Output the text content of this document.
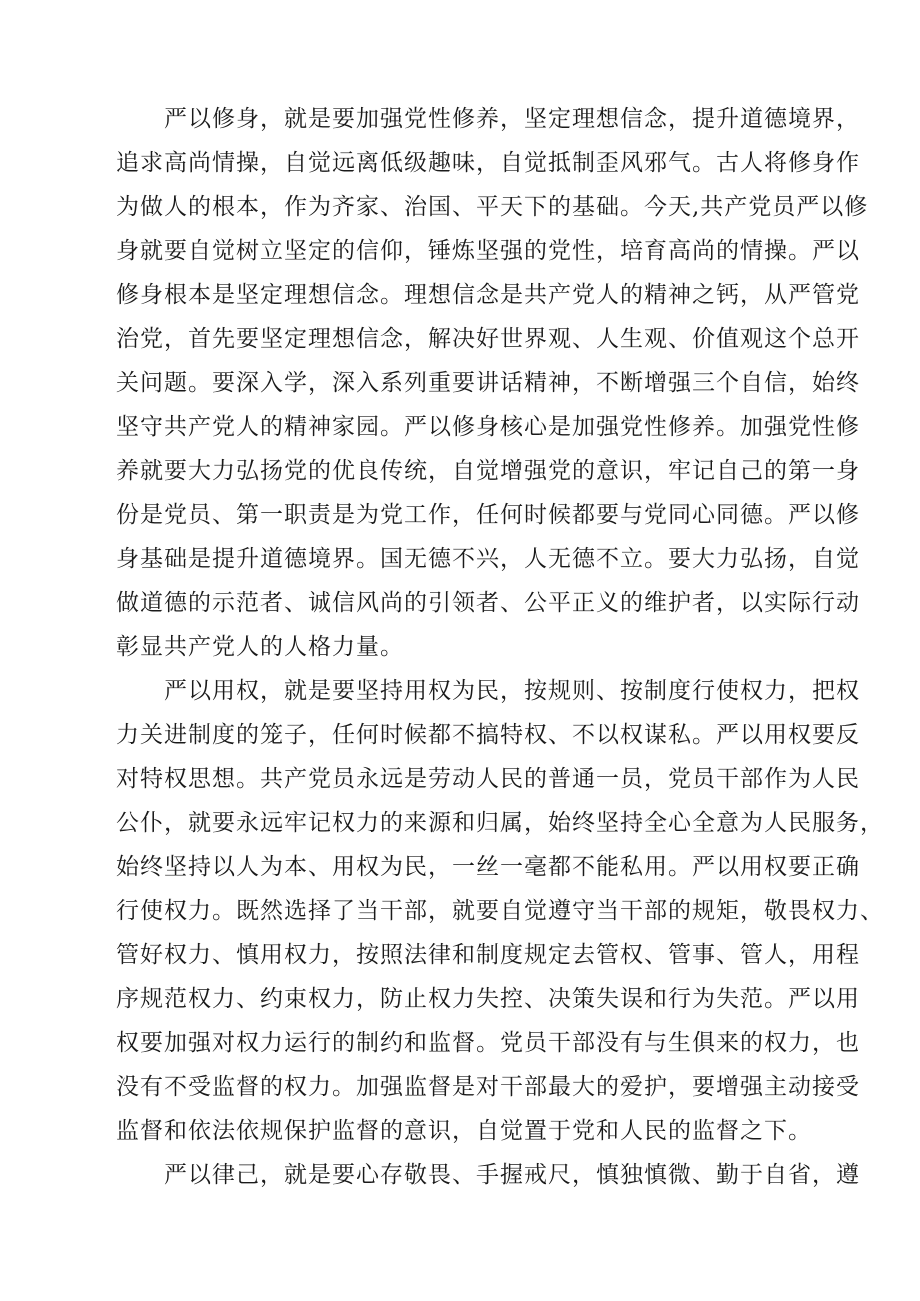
严以修身，就是要加强党性修养，坚定理想信念，提升道德境界，
追求高尚情操，自觉远离低级趣味，自觉抵制歪风邪气。古人将修身作
为做人的根本，作为齐家、治国、平天下的基础。今天,共产党员严以修
身就要自觉树立坚定的信仰，锤炼坚强的党性，培育高尚的情操。严以
修身根本是坚定理想信念。理想信念是共产党人的精神之钙，从严管党
治党，首先要坚定理想信念，解决好世界观、人生观、价值观这个总开
关问题。要深入学，深入系列重要讲话精神，不断增强三个自信，始终
坚守共产党人的精神家园。严以修身核心是加强党性修养。加强党性修
养就要大力弘扬党的优良传统，自觉增强党的意识，牢记自己的第一身
份是党员、第一职责是为党工作，任何时候都要与党同心同德。严以修
身基础是提升道德境界。国无德不兴，人无德不立。要大力弘扬，自觉
做道德的示范者、诚信风尚的引领者、公平正义的维护者，以实际行动
彰显共产党人的人格力量。
严以用权，就是要坚持用权为民，按规则、按制度行使权力，把权
力关进制度的笼子，任何时候都不搞特权、不以权谋私。严以用权要反
对特权思想。共产党员永远是劳动人民的普通一员，党员干部作为人民
公仆，就要永远牢记权力的来源和归属，始终坚持全心全意为人民服务，
始终坚持以人为本、用权为民，一丝一毫都不能私用。严以用权要正确
行使权力。既然选择了当干部，就要自觉遵守当干部的规矩，敬畏权力、
管好权力、慎用权力，按照法律和制度规定去管权、管事、管人，用程
序规范权力、约束权力，防止权力失控、决策失误和行为失范。严以用
权要加强对权力运行的制约和监督。党员干部没有与生俱来的权力，也
没有不受监督的权力。加强监督是对干部最大的爱护，要增强主动接受
监督和依法依规保护监督的意识，自觉置于党和人民的监督之下。
严以律己，就是要心存敬畏、手握戒尺，慎独慎微、勤于自省，遵
